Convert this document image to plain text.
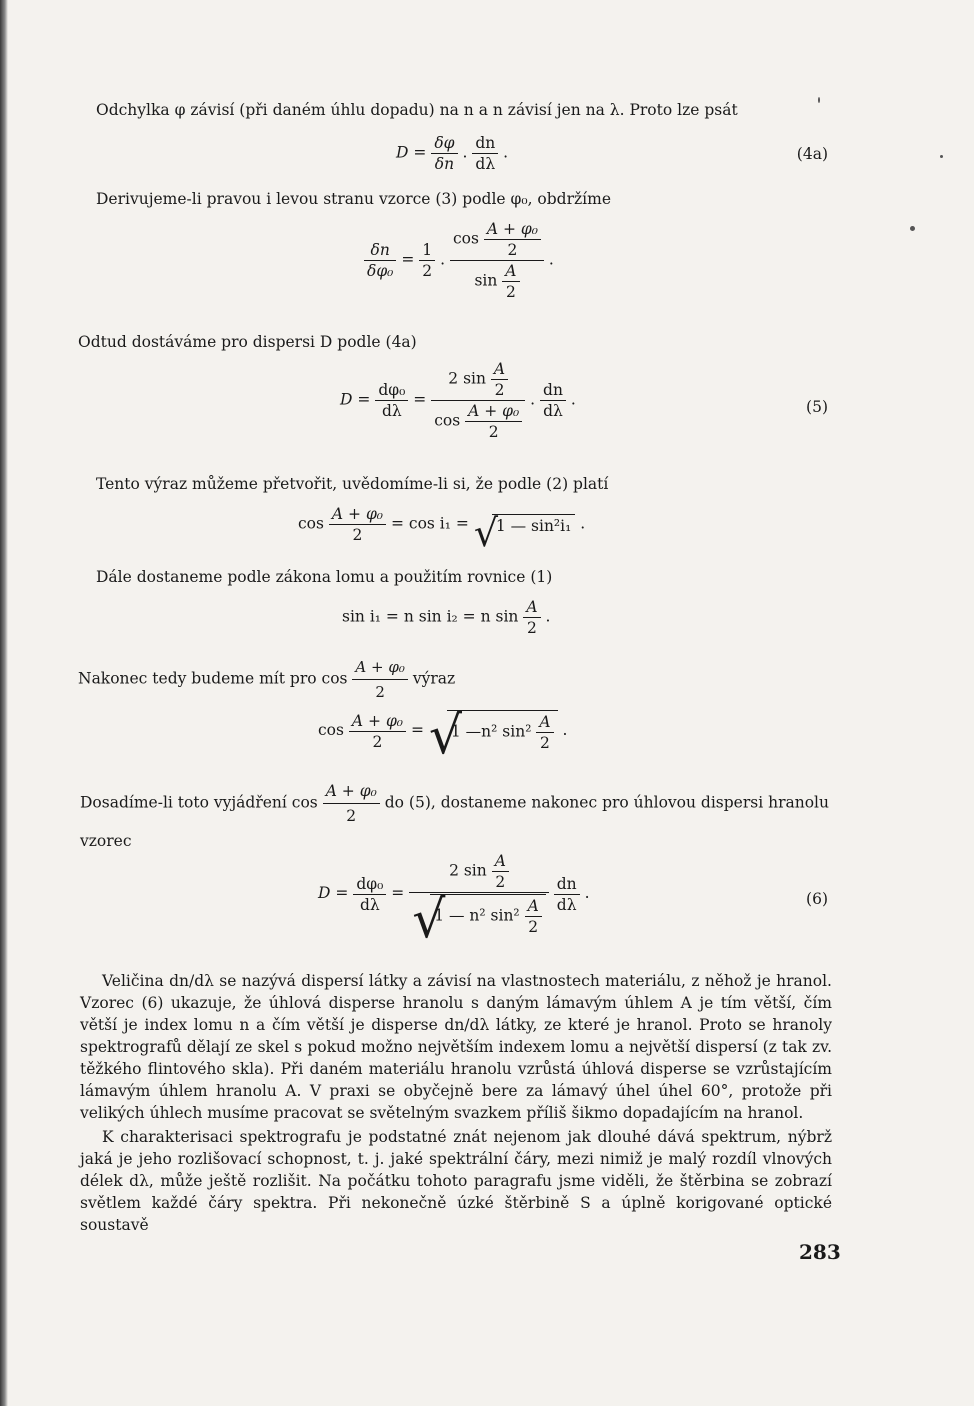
Odchylka φ závisí (při daném úhlu dopadu) na n a n závisí jen na λ. Proto lze psát
$D = \frac{\delta\varphi}{\delta n}$ . $\frac{dn}{d\lambda}$ .	(4a)
Derivujeme-li pravou i levou stranu vzorce (3) podle φ₀, obdržíme
$\frac{\delta n}{\text{δφ₀}} = \frac{1}{2}$ . $\frac{\cos \frac{\text{A + φ₀}}{2}}{\sin \frac{A}{2}}$ .
Odtud dostáváme pro dispersi D podle (4a)
$D = \frac{\text{dφ₀}}{d\lambda} = \frac{2 \sin \frac{A}{2}}{\cos \frac{\text{A + φ₀}}{2}}$ . $\frac{dn}{d\lambda}$ .	(5)
Tento výraz můžeme přetvořit, uvědomíme-li si, že podle (2) platí
$\cos \frac{\text{A + φ₀}}{2} = \cos i_1$ = √
1 — sin²i₁ .
Dále dostaneme podle zákona lomu a použitím rovnice (1)
sin i₁ = n sin i₂ = n $\sin \frac{A}{2}$ .
Nakonec tedy budeme mít pro $\cos \frac{\text{A + φ₀}}{2}$ výraz
$\cos \frac{\text{A + φ₀}}{2}$ = √
1 —n² $\sin^2 \frac{A}{2}$ .
Dosadíme-li toto vyjádření $\cos \frac{\text{A + φ₀}}{2}$ do (5), dostaneme nakonec pro úhlovou dispersi hranolu
vzorec
$D = \frac{\text{dφ₀}}{d\lambda} = 2$ $\sin \frac{A}{2}$
√
1 — n² $\sin^2 \frac{A}{2}$
$\frac{dn}{d\lambda}$ .	(6)
Veličina dn/dλ se nazývá dispersí látky a závisí na vlastnostech materiálu, z něhož je hranol. Vzorec (6) ukazuje, že úhlová disperse hranolu s daným lámavým úhlem A je tím větší, čím větší je index lomu n a čím větší je disperse dn/dλ látky, ze které je hranol. Proto se hranoly spektrografů dělají ze skel s pokud možno největším indexem lomu a největší dispersí (z tak zv. těžkého flintového skla). Při daném materiálu hranolu vzrůstá úhlová disperse se vzrůstajícím lámavým úhlem hranolu A. V praxi se obyčejně bere za lámavý úhel úhel 60°, protože při velikých úhlech musíme pracovat se světelným svazkem příliš šikmo dopadajícím na hranol.
K charakterisaci spektrografu je podstatné znát nejenom jak dlouhé dává spektrum, nýbrž jaká je jeho rozlišovací schopnost, t. j. jaké spektrální čáry, mezi nimiž je malý rozdíl vlnových délek dλ, může ještě rozlišit. Na počátku tohoto paragrafu jsme viděli, že štěrbina se zobrazí světlem každé čáry spektra. Při nekonečně úzké štěrbině S a úplně korigované optické soustavě
283
